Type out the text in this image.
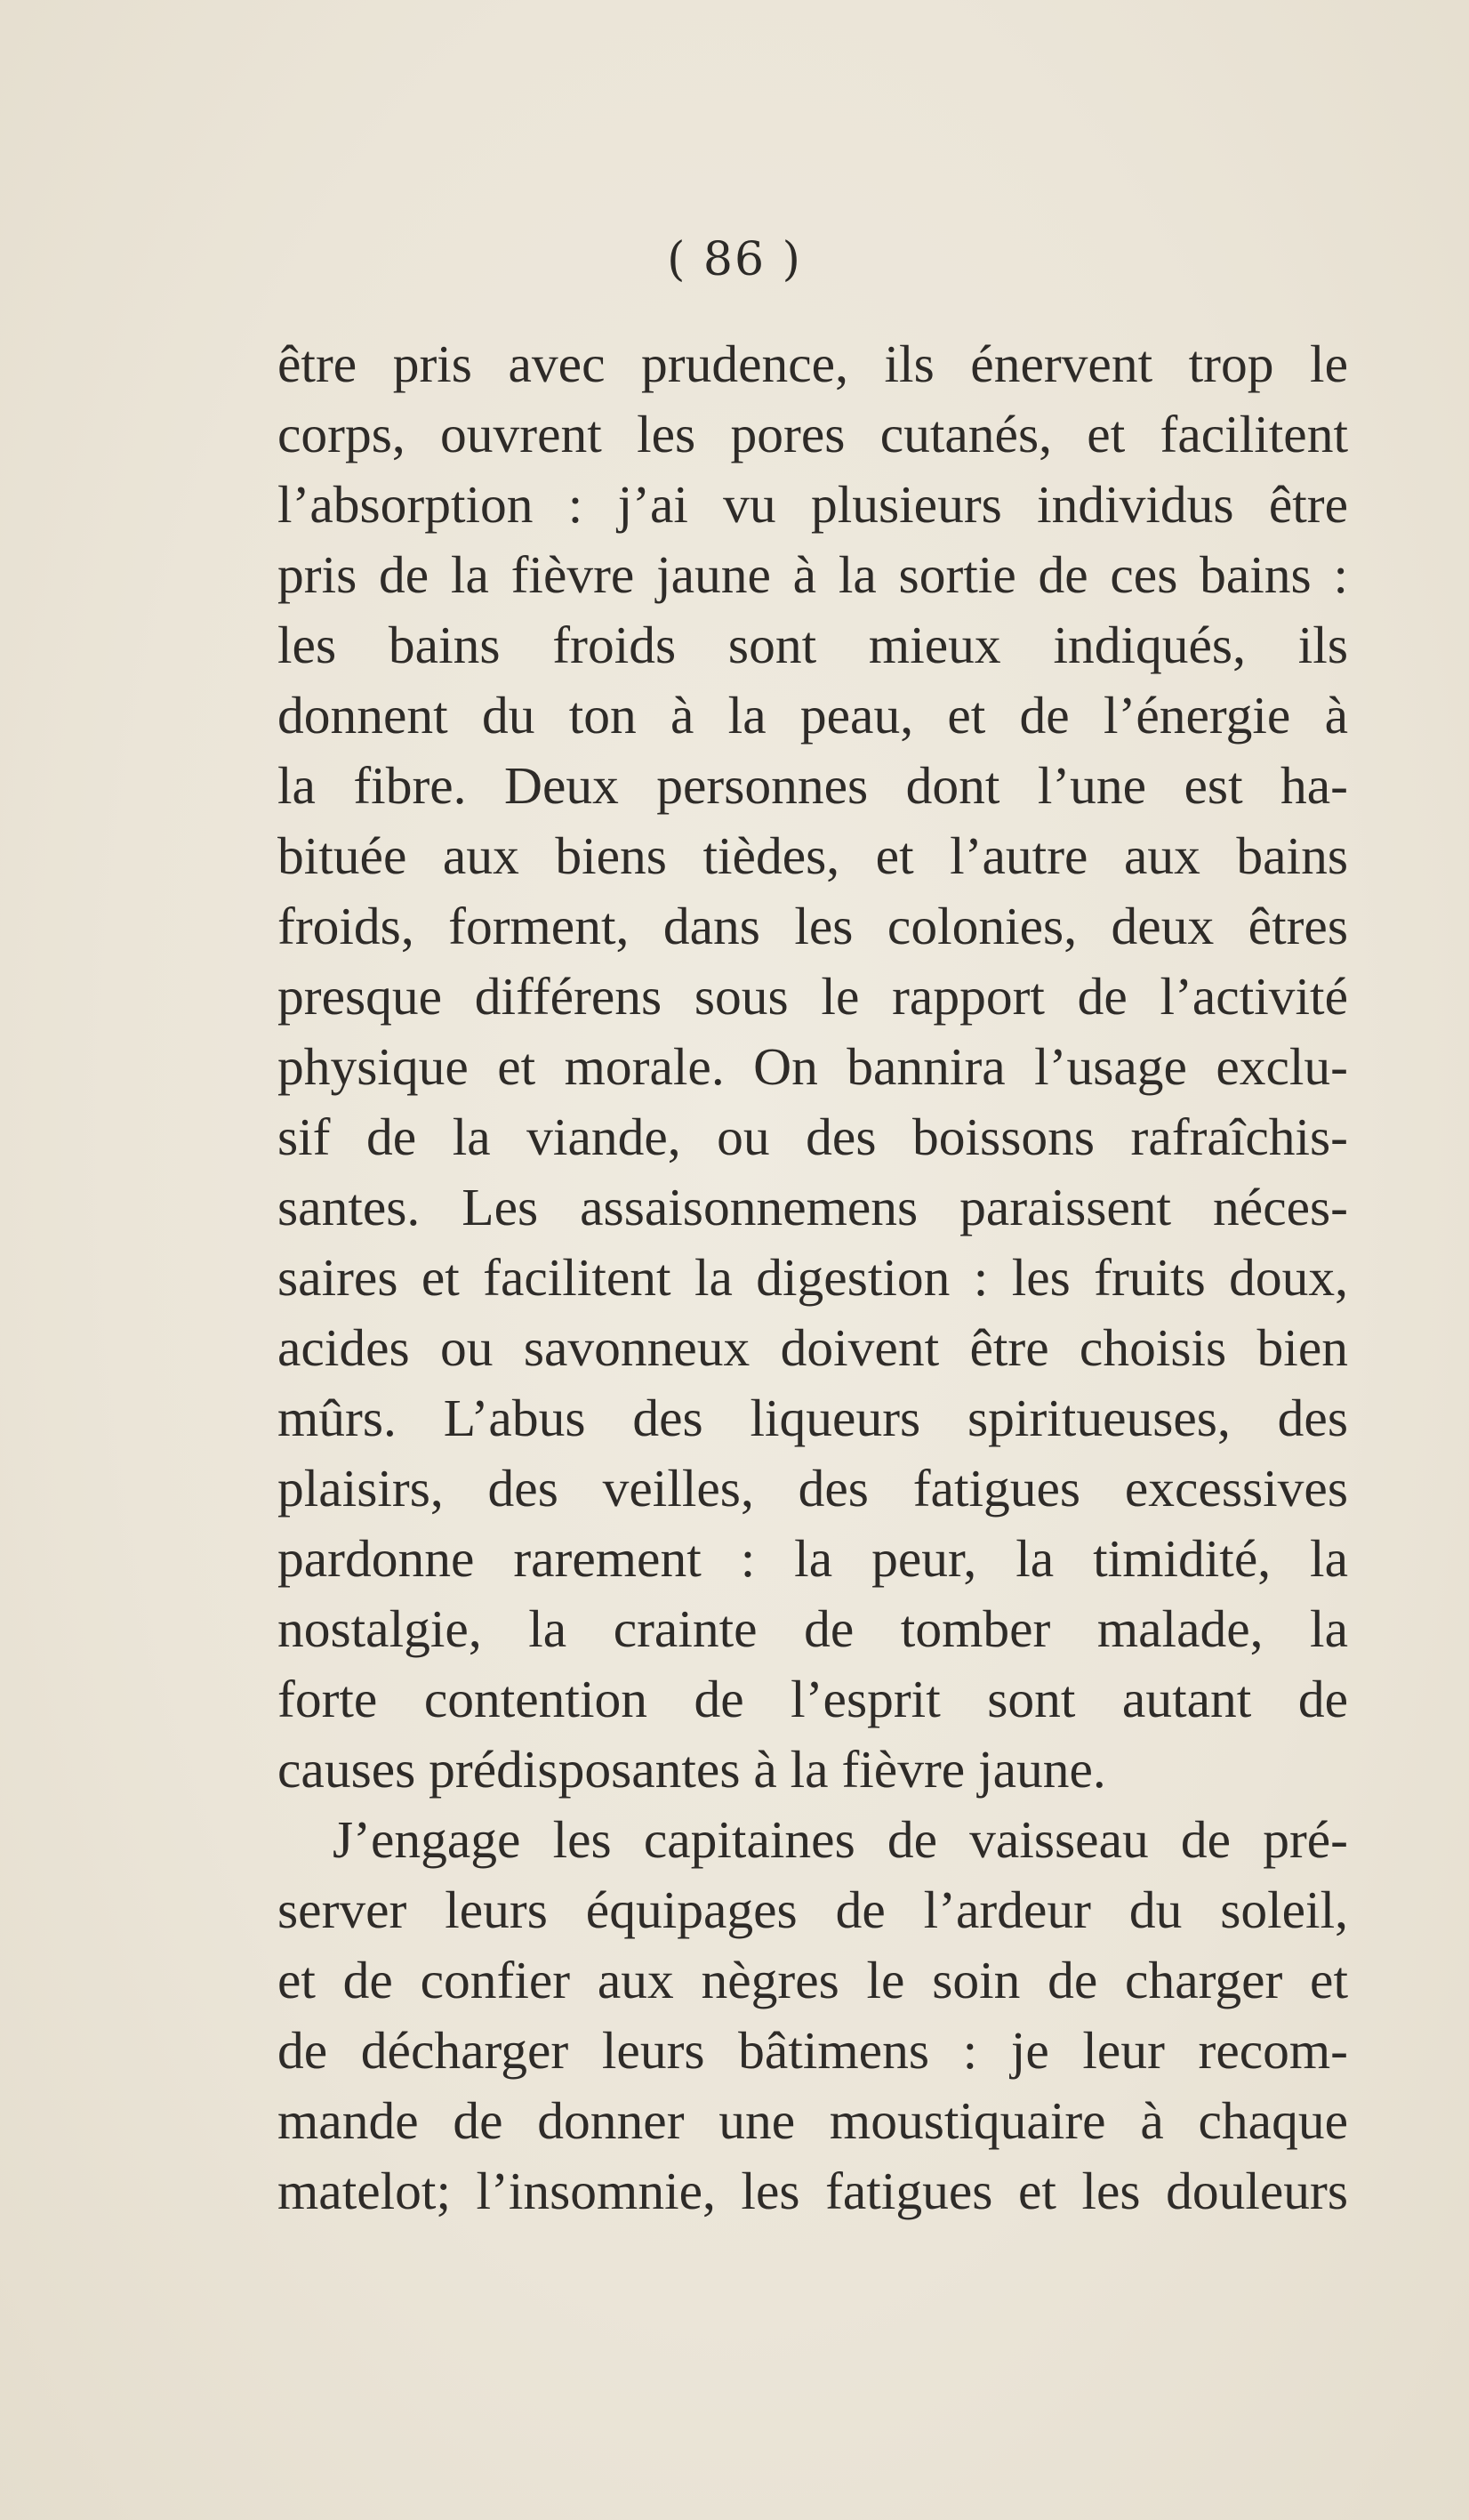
( 86 )
être pris avec prudence, ils énervent trop le
corps, ouvrent les pores cutanés, et facilitent
l’absorption : j’ai vu plusieurs individus être
pris de la fièvre jaune à la sortie de ces bains :
les bains froids sont mieux indiqués, ils
donnent du ton à la peau, et de l’énergie à
la fibre. Deux personnes dont l’une est ha-
bituée aux biens tièdes, et l’autre aux bains
froids, forment, dans les colonies, deux êtres
presque différens sous le rapport de l’activité
physique et morale. On bannira l’usage exclu-
sif de la viande, ou des boissons rafraîchis-
santes. Les assaisonnemens paraissent néces-
saires et facilitent la digestion : les fruits doux,
acides ou savonneux doivent être choisis bien
mûrs. L’abus des liqueurs spiritueuses, des
plaisirs, des veilles, des fatigues excessives
pardonne rarement : la peur, la timidité, la
nostalgie, la crainte de tomber malade, la
forte contention de l’esprit sont autant de
causes prédisposantes à la fièvre jaune.
J’engage les capitaines de vaisseau de pré-
server leurs équipages de l’ardeur du soleil,
et de confier aux nègres le soin de charger et
de décharger leurs bâtimens : je leur recom-
mande de donner une moustiquaire à chaque
matelot; l’insomnie, les fatigues et les douleurs
